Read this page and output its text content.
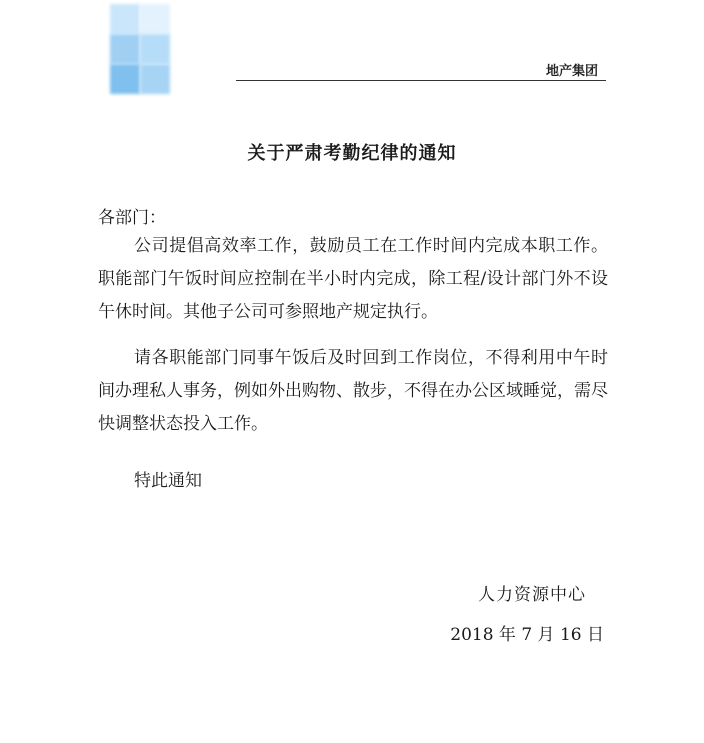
地产集团
关于严肃考勤纪律的通知
各部门：
公司提倡高效率工作，鼓励员工在工作时间内完成本职工作。职能部门午饭时间应控制在半小时内完成，除工程/设计部门外不设午休时间。其他子公司可参照地产规定执行。
请各职能部门同事午饭后及时回到工作岗位，不得利用中午时间办理私人事务，例如外出购物、散步，不得在办公区域睡觉，需尽快调整状态投入工作。
特此通知
人力资源中心
2018 年 7 月 16 日
